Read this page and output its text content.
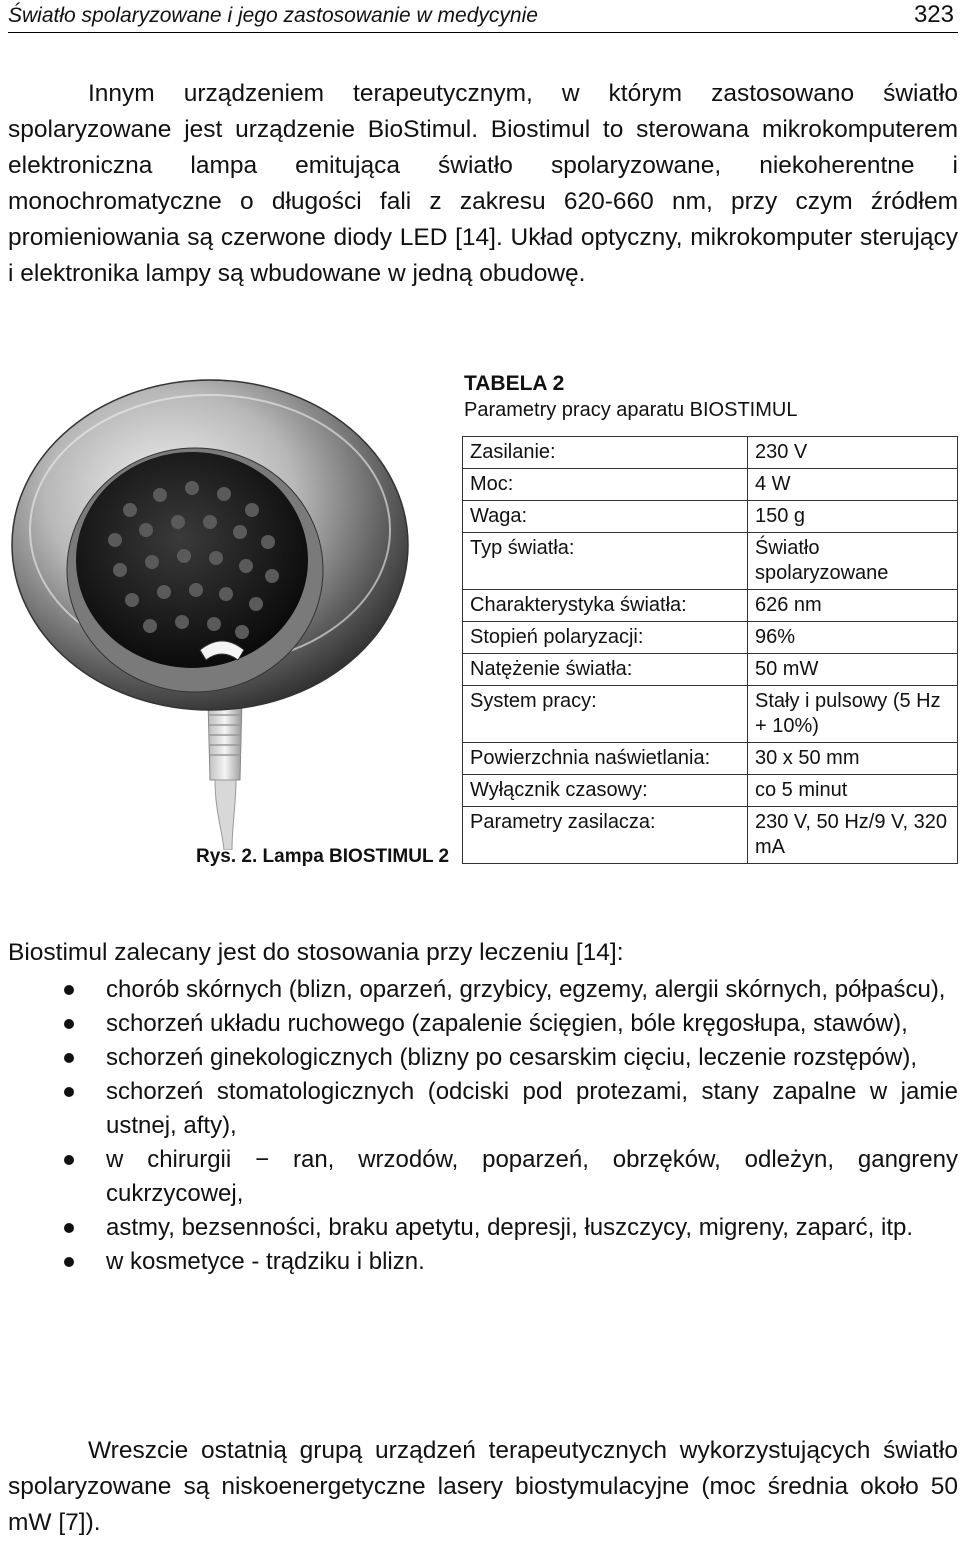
Światło spolaryzowane i jego zastosowanie w medycynie	323

Innym urządzeniem terapeutycznym, w którym zastosowano światło spolaryzowane jest urządzenie BioStimul. Biostimul to sterowana mikrokomputerem elektroniczna lampa emitująca światło spolaryzowane, niekoherentne i monochromatyczne o długości fali z zakresu 620-660 nm, przy czym źródłem promieniowania są czerwone diody LED [14]. Układ optyczny, mikrokomputer sterujący i elektronika lampy są wbudowane w jedną obudowę.

Rys. 2. Lampa BIOSTIMUL 2
TABELA 2
Parametry pracy aparatu BIOSTIMUL
Zasilanie:	230 V
Moc:	4 W
Waga:	150 g
Typ światła:	Światło spolaryzowane
Charakterystyka światła:	626 nm
Stopień polaryzacji:	96%
Natężenie światła:	50 mW
System pracy:	Stały i pulsowy (5 Hz + 10%)
Powierzchnia naświetlania:	30 x 50 mm
Wyłącznik czasowy:	co 5 minut
Parametry zasilacza:	230 V, 50 Hz/9 V, 320 mA

Biostimul zalecany jest do stosowania przy leczeniu [14]:

chorób skórnych (blizn, oparzeń, grzybicy, egzemy, alergii skórnych, półpaścu),
schorzeń układu ruchowego (zapalenie ścięgien, bóle kręgosłupa, stawów),
schorzeń ginekologicznych (blizny po cesarskim cięciu, leczenie rozstępów),
schorzeń stomatologicznych (odciski pod protezami, stany zapalne w jamie ustnej, afty),
w chirurgii − ran, wrzodów, poparzeń, obrzęków, odleżyn, gangreny cukrzycowej,
astmy, bezsenności, braku apetytu, depresji, łuszczycy, migreny, zaparć, itp.
w kosmetyce - trądziku i blizn.

Wreszcie ostatnią grupą urządzeń terapeutycznych wykorzystujących światło spolaryzowane są niskoenergetyczne lasery biostymulacyjne (moc średnia około 50 mW [7]).
